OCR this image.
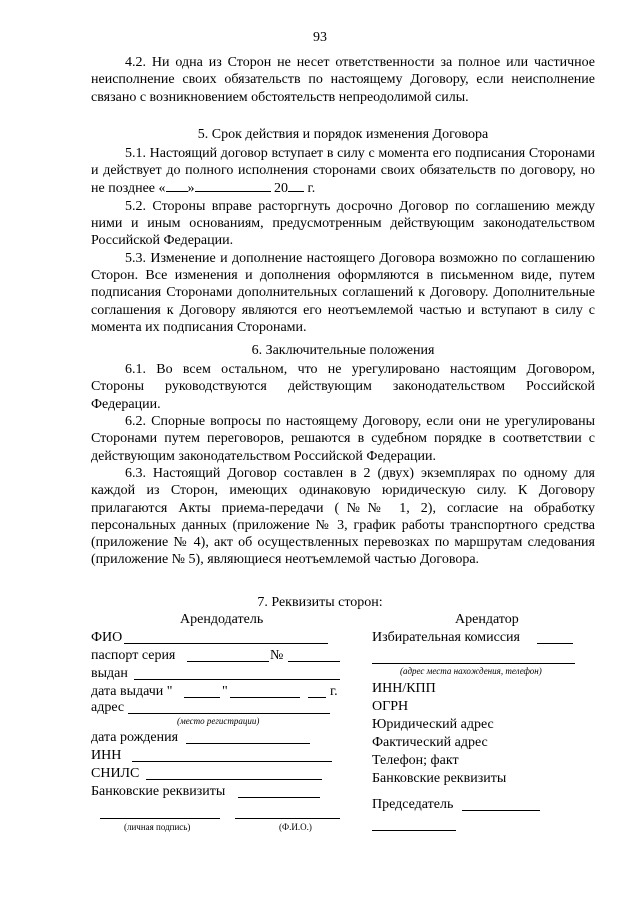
93

4.2. Ни одна из Сторон не несет ответственности за полное или частичное неисполнение своих обязательств по настоящему Договору, если неисполнение связано с возникновением обстоятельств непреодолимой силы.

5. Срок действия и порядок изменения Договора

5.1. Настоящий договор вступает в силу с момента его подписания Сторонами и действует до полного исполнения сторонами своих обязательств по договору, но не позднее « »	20 г.

5.2. Стороны вправе расторгнуть досрочно Договор по соглашению между ними и иным основаниям, предусмотренным действующим законодательством Российской Федерации.

5.3. Изменение и дополнение настоящего Договора возможно по соглашению Сторон. Все изменения и дополнения оформляются в письменном виде, путем подписания Сторонами дополнительных соглашений к Договору. Дополнительные соглашения к Договору являются его неотъемлемой частью и вступают в силу с момента их подписания Сторонами.

6. Заключительные положения

6.1. Во всем остальном, что не урегулировано настоящим Договором, Стороны руководствуются действующим законодательством Российской Федерации.

6.2. Спорные вопросы по настоящему Договору, если они не урегулированы Сторонами путем переговоров, решаются в судебном порядке в соответствии с действующим законодательством Российской Федерации.

6.3. Настоящий Договор составлен в 2 (двух) экземплярах по одному для каждой из Сторон, имеющих одинаковую юридическую силу. К Договору прилагаются Акты приема-передачи (№№ 1, 2), согласие на обработку персональных данных (приложение № 3, график работы транспортного средства (приложение № 4), акт об осуществленных перевозках по маршрутам следования (приложение № 5), являющиеся неотъемлемой частью Договора.

7. Реквизиты сторон:
Арендодатель
ФИО
паспорт серия	№
выдан
дата выдачи "	"	г.
адрес
(место регистрации)
дата рождения
ИНН
СНИЛС
Банковские реквизиты
(личная подпись)	(Ф.И.О.)
Арендатор
Избирательная комиссия
(адрес места нахождения, телефон)
ИНН/КПП
ОГРН
Юридический адрес
Фактический адрес
Телефон; факт
Банковские реквизиты
Председатель
